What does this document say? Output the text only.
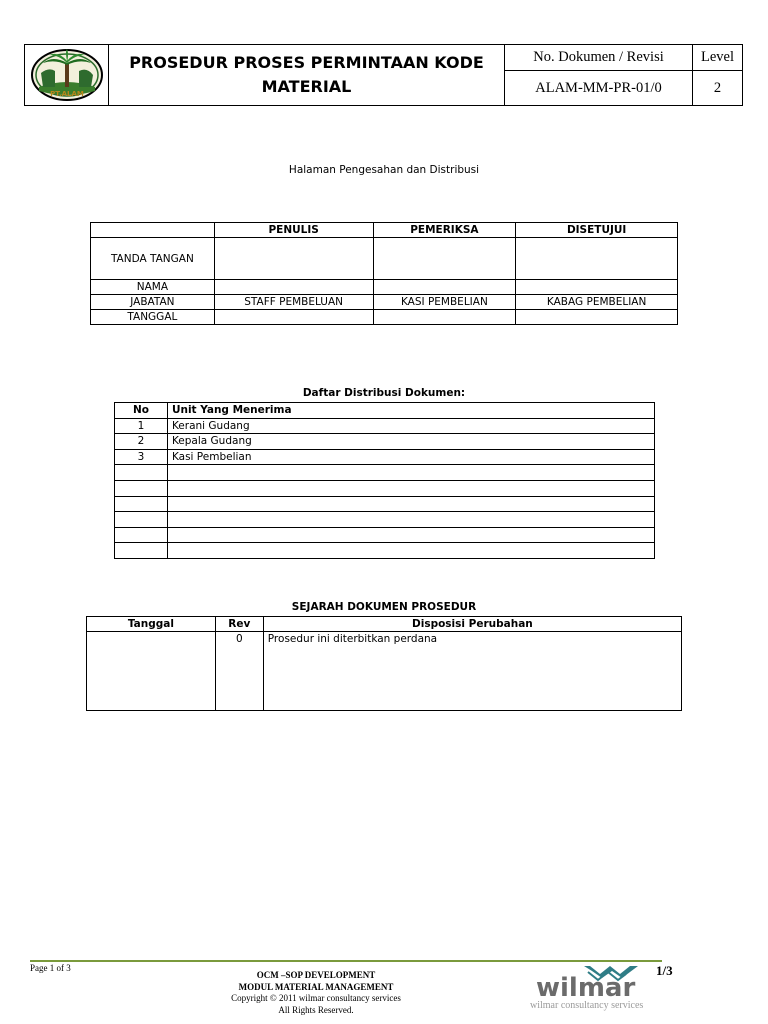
PT.ALAM
PROSEDUR PROSES PERMINTAAN KODE MATERIAL
No. Dokumen / Revisi
ALAM-MM-PR-01/0
Level
2
Halaman Pengesahan dan Distribusi
	PENULIS	PEMERIKSA	DISETUJUI
TANDA TANGAN			
NAMA			
JABATAN	STAFF PEMBELUAN	KASI PEMBELIAN	KABAG PEMBELIAN
TANGGAL			
Daftar Distribusi Dokumen:
No	Unit Yang Menerima
1	Kerani Gudang
2	Kepala Gudang
3	Kasi Pembelian

SEJARAH DOKUMEN PROSEDUR
Tanggal	Rev	Disposisi Perubahan
	0	Prosedur ini diterbitkan perdana
Page 1 of 3
OCM –SOP DEVELOPMENT
MODUL MATERIAL MANAGEMENT
Copyright © 2011 wilmar consultancy services
All Rights Reserved.
wilmar
wilmar consultancy services
1/3
